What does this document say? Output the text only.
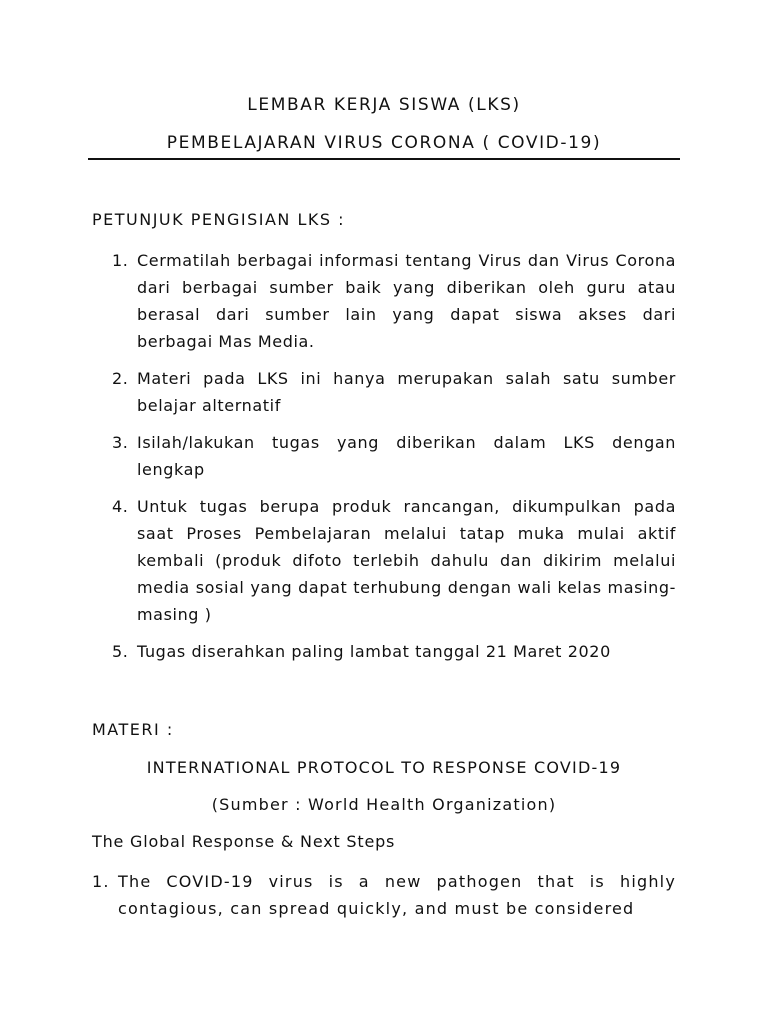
LEMBAR KERJA SISWA (LKS)
PEMBELAJARAN VIRUS CORONA ( COVID-19)
PETUNJUK PENGISIAN LKS :
1. Cermatilah berbagai informasi tentang Virus dan Virus Corona dari berbagai sumber baik yang diberikan oleh guru atau berasal dari sumber lain yang dapat siswa akses dari berbagai Mas Media.
2. Materi pada LKS ini hanya merupakan salah satu sumber belajar alternatif
3. Isilah/lakukan tugas yang diberikan dalam LKS dengan lengkap
4. Untuk tugas berupa produk rancangan, dikumpulkan pada saat Proses Pembelajaran melalui tatap muka mulai aktif kembali (produk difoto terlebih dahulu dan dikirim melalui media sosial yang dapat terhubung dengan wali kelas masing-masing )
5. Tugas diserahkan paling lambat tanggal 21 Maret 2020
MATERI :
INTERNATIONAL PROTOCOL TO RESPONSE COVID-19
(Sumber : World Health Organization)
The Global Response & Next Steps
1. The COVID-19 virus is a new pathogen that is highly contagious, can spread quickly, and must be considered
